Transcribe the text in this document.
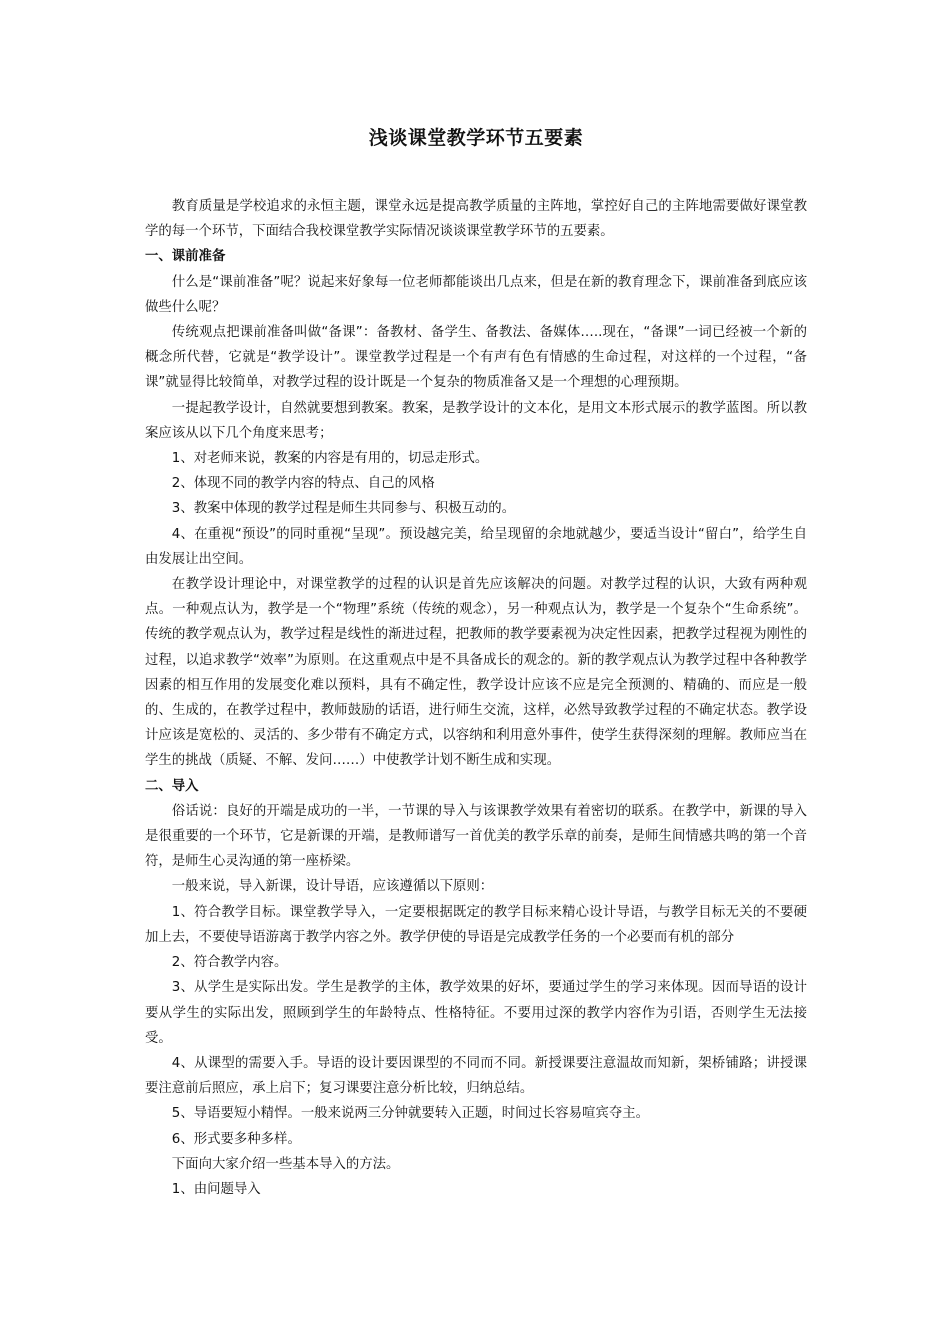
浅谈课堂教学环节五要素

教育质量是学校追求的永恒主题，课堂永远是提高教学质量的主阵地，掌控好自己的主阵地需要做好课堂教学的每一个环节，下面结合我校课堂教学实际情况谈谈课堂教学环节的五要素。

一、课前准备

什么是“课前准备”呢？说起来好象每一位老师都能谈出几点来，但是在新的教育理念下，课前准备到底应该做些什么呢？

传统观点把课前准备叫做“备课”：备教材、备学生、备教法、备媒体…..现在，“备课”一词已经被一个新的概念所代替，它就是“教学设计”。课堂教学过程是一个有声有色有情感的生命过程，对这样的一个过程，“备课”就显得比较简单，对教学过程的设计既是一个复杂的物质准备又是一个理想的心理预期。

一提起教学设计，自然就要想到教案。教案，是教学设计的文本化，是用文本形式展示的教学蓝图。所以教案应该从以下几个角度来思考；

1、对老师来说，教案的内容是有用的，切忌走形式。

2、体现不同的教学内容的特点、自己的风格

3、教案中体现的教学过程是师生共同参与、积极互动的。

4、在重视“预设”的同时重视“呈现”。预设越完美，给呈现留的余地就越少，要适当设计“留白”，给学生自由发展让出空间。

在教学设计理论中，对课堂教学的过程的认识是首先应该解决的问题。对教学过程的认识，大致有两种观点。一种观点认为，教学是一个“物理”系统（传统的观念），另一种观点认为，教学是一个复杂个“生命系统”。传统的教学观点认为，教学过程是线性的渐进过程，把教师的教学要素视为决定性因素，把教学过程视为刚性的过程，以追求教学“效率”为原则。在这重观点中是不具备成长的观念的。新的教学观点认为教学过程中各种教学因素的相互作用的发展变化难以预料，具有不确定性，教学设计应该不应是完全预测的、精确的、而应是一般的、生成的，在教学过程中，教师鼓励的话语，进行师生交流，这样，必然导致教学过程的不确定状态。教学设计应该是宽松的、灵活的、多少带有不确定方式，以容纳和利用意外事件，使学生获得深刻的理解。教师应当在学生的挑战（质疑、不解、发问……）中使教学计划不断生成和实现。

二、导入

俗话说：良好的开端是成功的一半，一节课的导入与该课教学效果有着密切的联系。在教学中，新课的导入是很重要的一个环节，它是新课的开端，是教师谱写一首优美的教学乐章的前奏，是师生间情感共鸣的第一个音符，是师生心灵沟通的第一座桥梁。

一般来说，导入新课，设计导语，应该遵循以下原则：

1、符合教学目标。课堂教学导入，一定要根据既定的教学目标来精心设计导语，与教学目标无关的不要硬加上去，不要使导语游离于教学内容之外。教学伊使的导语是完成教学任务的一个必要而有机的部分

2、符合教学内容。

3、从学生是实际出发。学生是教学的主体，教学效果的好坏，要通过学生的学习来体现。因而导语的设计要从学生的实际出发，照顾到学生的年龄特点、性格特征。不要用过深的教学内容作为引语，否则学生无法接受。

4、从课型的需要入手。导语的设计要因课型的不同而不同。新授课要注意温故而知新，架桥铺路；讲授课要注意前后照应，承上启下；复习课要注意分析比较，归纳总结。

5、导语要短小精悍。一般来说两三分钟就要转入正题，时间过长容易喧宾夺主。

6、形式要多种多样。

下面向大家介绍一些基本导入的方法。

1、由问题导入
